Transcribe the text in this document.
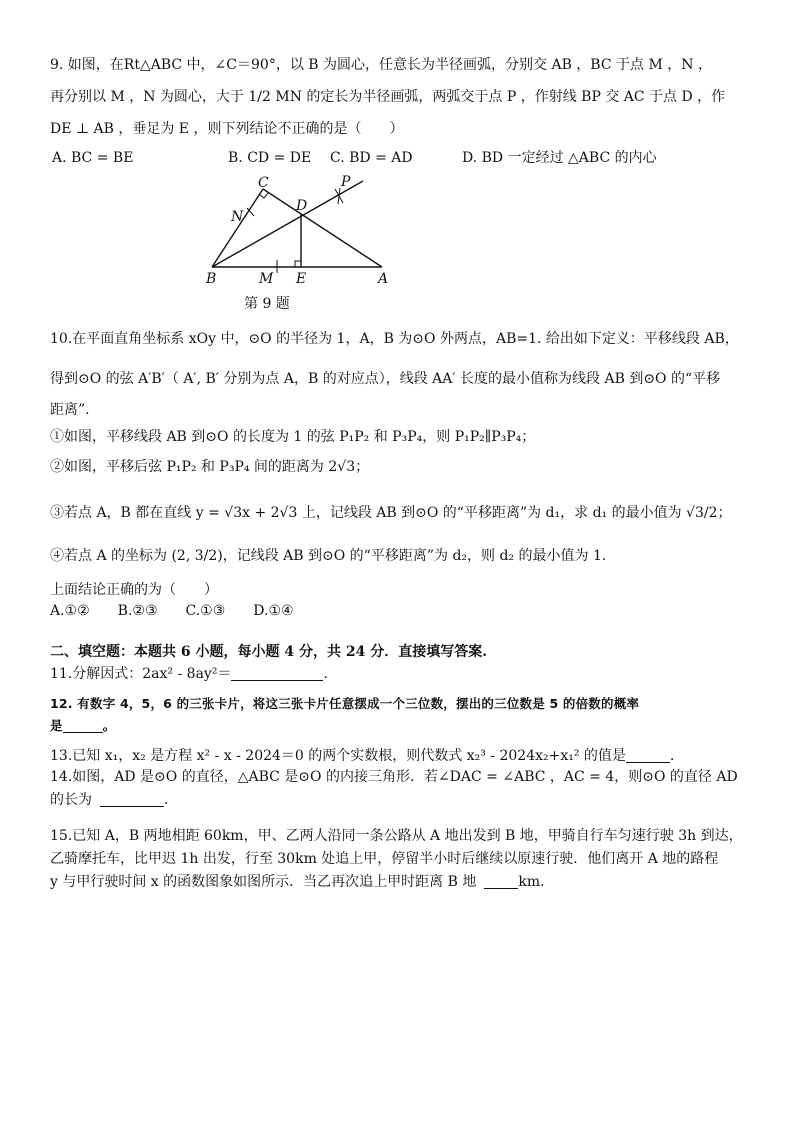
9. 如图，在Rt△ABC 中，∠C＝90°，以 B 为圆心，任意长为半径画弧，分别交 AB ，BC 于点 M ，N ，
再分别以 M ，N 为圆心，大于 1/2 MN 的定长为半径画弧，两弧交于点 P ，作射线 BP 交 AC 于点 D ，作
DE ⊥ AB ，垂足为 E ，则下列结论不正确的是（　　）
A. BC = BE	B. CD = DE C. BD = AD	D. BD 一定经过 △ABC 的内心
C
N
D
P
B	M E	A
第 9 题
10.在平面直角坐标系 xOy 中，⊙O 的半径为 1，A，B 为⊙O 外两点，AB=1. 给出如下定义：平移线段 AB，
得到⊙O 的弦 A′B′（ A′, B′ 分别为点 A，B 的对应点），线段 AA′ 长度的最小值称为线段 AB 到⊙O 的“平移
距离”.
①如图，平移线段 AB 到⊙O 的长度为 1 的弦 P₁P₂ 和 P₃P₄，则 P₁P₂∥P₃P₄；
②如图，平移后弦 P₁P₂ 和 P₃P₄ 间的距离为 2√3；
③若点 A，B 都在直线 y = √3x + 2√3 上，记线段 AB 到⊙O 的“平移距离”为 d₁，求 d₁ 的最小值为 √3/2；
④若点 A 的坐标为 (2, 3/2)，记线段 AB 到⊙O 的“平移距离”为 d₂，则 d₂ 的最小值为 1.
上面结论正确的为（　　）
A.①②　　B.②③　　C.①③　　D.①④
二、填空题：本题共 6 小题，每小题 4 分，共 24 分．直接填写答案.
11.分解因式：2ax² - 8ay²＝	.
12. 有数字 4，5，6 的三张卡片，将这三张卡片任意摆成一个三位数，摆出的三位数是 5 的倍数的概率
是	。
13.已知 x₁，x₂ 是方程 x² - x - 2024＝0 的两个实数根，则代数式 x₂³ - 2024x₂+x₁² 的值是	.
14.如图，AD 是⊙O 的直径，△ABC 是⊙O 的内接三角形．若∠DAC = ∠ABC ，AC = 4，则⊙O 的直径 AD
的长为	.
15.已知 A，B 两地相距 60km，甲、乙两人沿同一条公路从 A 地出发到 B 地，甲骑自行车匀速行驶 3h 到达，
乙骑摩托车，比甲迟 1h 出发，行至 30km 处追上甲，停留半小时后继续以原速行驶．他们离开 A 地的路程
y 与甲行驶时间 x 的函数图象如图所示．当乙再次追上甲时距离 B 地	km.
